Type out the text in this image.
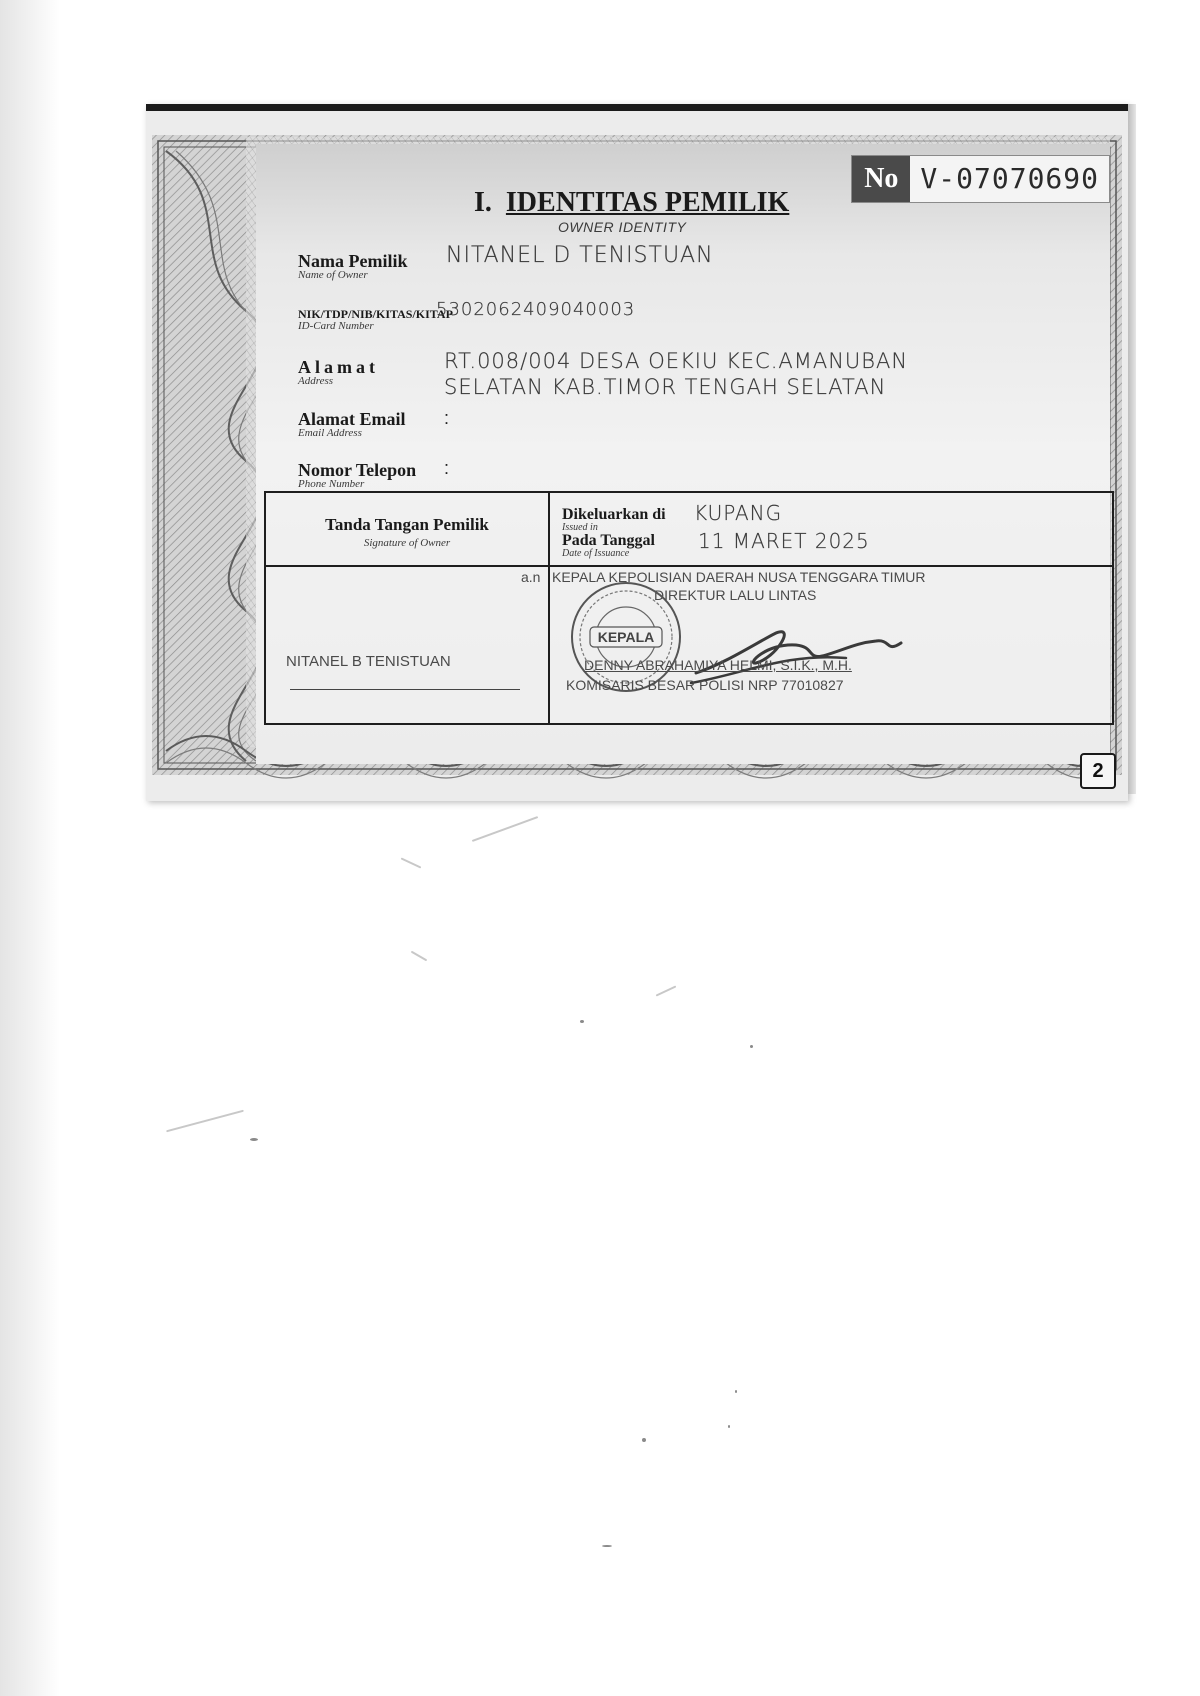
No V-07070690
I. IDENTITAS PEMILIK
OWNER IDENTITY
Nama Pemilik
Name of Owner
NITANEL D TENISTUAN
NIK/TDP/NIB/KITAS/KITAP
ID-Card Number
5302062409040003
Alamat
Address
RT.008/004 DESA OEKIU KEC.AMANUBAN
SELATAN KAB.TIMOR TENGAH SELATAN
Alamat Email
Email Address
:
Nomor Telepon
Phone Number
:
Tanda Tangan Pemilik
Signature of Owner
Dikeluarkan di
Issued in
KUPANG
Pada Tanggal
Date of Issuance
11 MARET 2025
a.n KEPALA KEPOLISIAN DAERAH NUSA TENGGARA TIMUR
DIREKTUR LALU LINTAS
KEPALA
DENNY ABRAHAMIYA HELMI, S.I.K., M.H.
KOMISARIS BESAR POLISI NRP 77010827
NITANEL B TENISTUAN
2
